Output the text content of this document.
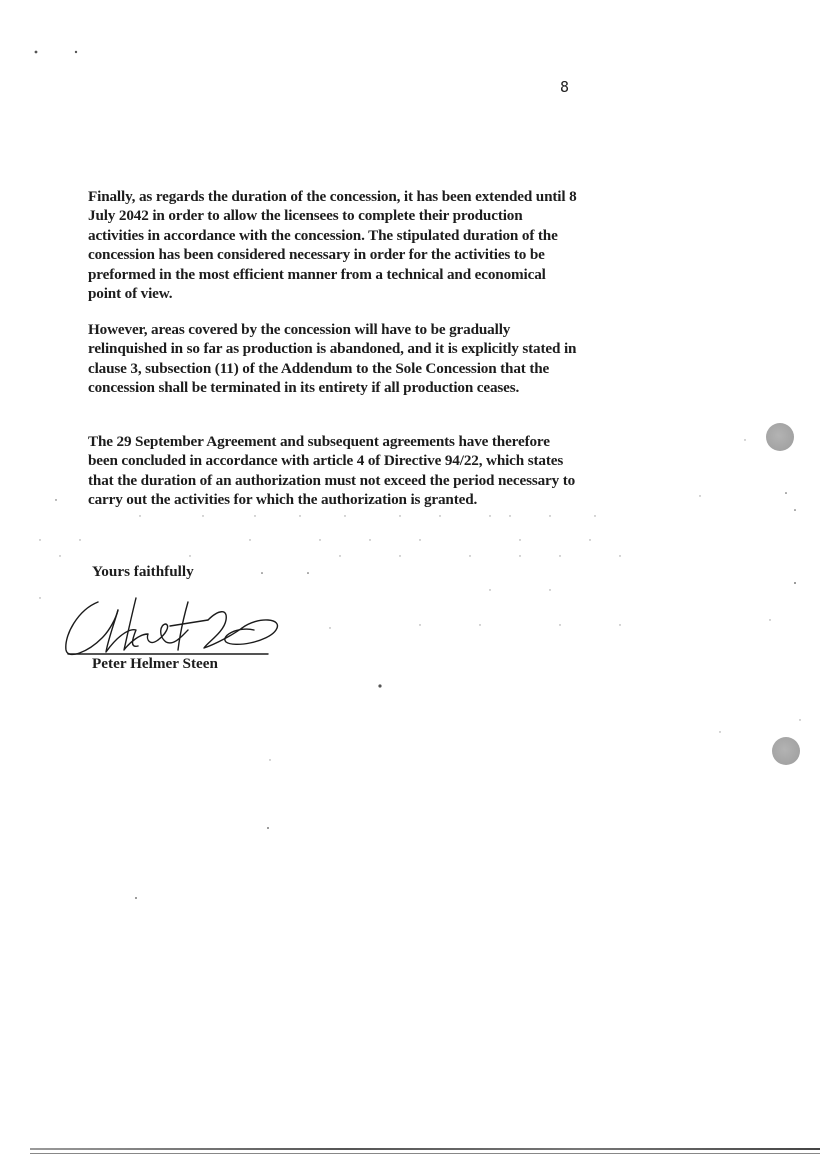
8

Finally, as regards the duration of the concession, it has been extended until 8 July 2042 in order to allow the licensees to complete their production activities in accordance with the concession. The stipulated duration of the concession has been considered necessary in order for the activities to be preformed in the most efficient manner from a technical and economical point of view.

However, areas covered by the concession will have to be gradually relinquished in so far as production is abandoned, and it is explicitly stated in clause 3, subsection (11) of the Addendum to the Sole Concession that the concession shall be terminated in its entirety if all production ceases.

The 29 September Agreement and subsequent agreements have therefore been concluded in accordance with article 4 of Directive 94/22, which states that the duration of an authorization must not exceed the period necessary to carry out the activities for which the authorization is granted.

Yours faithfully
Peter Helmer Steen
